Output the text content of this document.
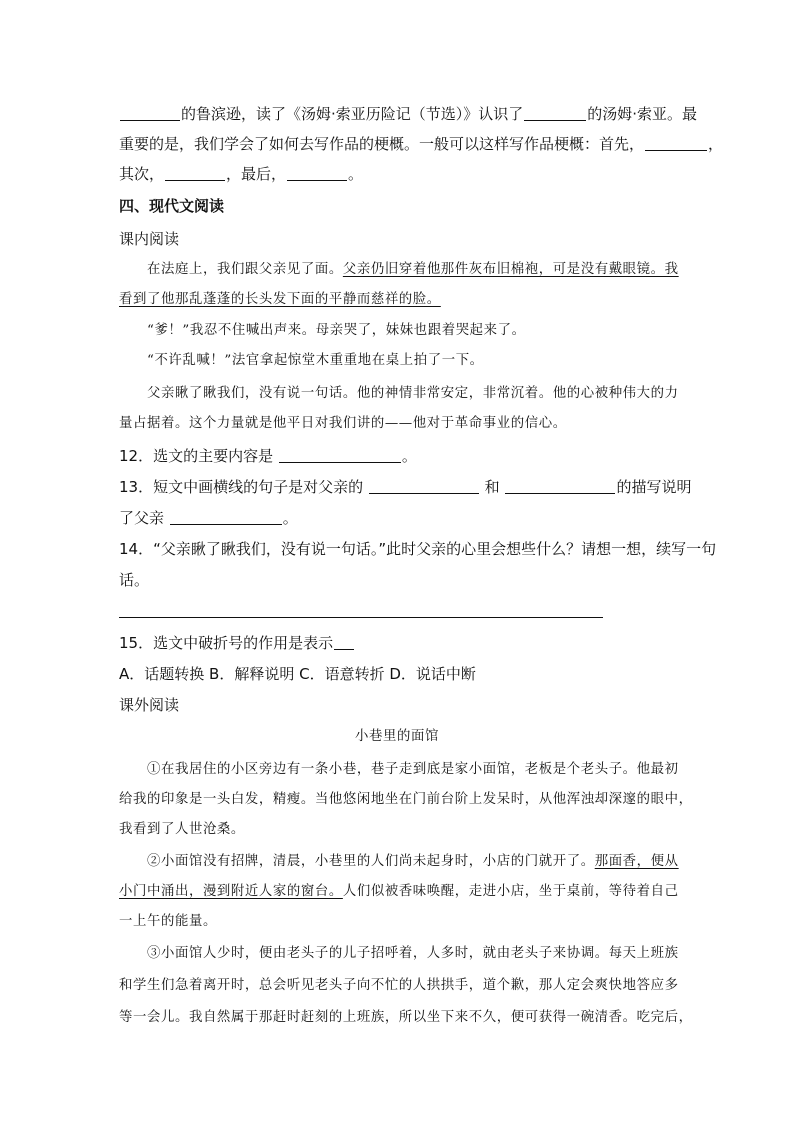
的鲁滨逊，读了《汤姆·索亚历险记（节选）》认识了	的汤姆·索亚。最
重要的是，我们学会了如何去写作品的梗概。一般可以这样写作品梗概：首先，	，
其次，	，最后，	。
四、现代文阅读
课内阅读
在法庭上，我们跟父亲见了面。父亲仍旧穿着他那件灰布旧棉袍，可是没有戴眼镜。我
看到了他那乱蓬蓬的长头发下面的平静而慈祥的脸。
“爹！”我忍不住喊出声来。母亲哭了，妹妹也跟着哭起来了。
“不许乱喊！”法官拿起惊堂木重重地在桌上拍了一下。
父亲瞅了瞅我们，没有说一句话。他的神情非常安定，非常沉着。他的心被种伟大的力
量占据着。这个力量就是他平日对我们讲的——他对于革命事业的信心。
12．选文的主要内容是	。
13．短文中画横线的句子是对父亲的	和	的描写说明
了父亲	。
14．“父亲瞅了瞅我们，没有说一句话。”此时父亲的心里会想些什么？请想一想，续写一句
话。
15．选文中破折号的作用是表示
A．话题转换 B．解释说明 C．语意转折 D．说话中断
课外阅读
小巷里的面馆
①在我居住的小区旁边有一条小巷，巷子走到底是家小面馆，老板是个老头子。他最初
给我的印象是一头白发，精瘦。当他悠闲地坐在门前台阶上发呆时，从他浑浊却深邃的眼中，
我看到了人世沧桑。
②小面馆没有招牌，清晨，小巷里的人们尚未起身时，小店的门就开了。那面香，便从
小门中涌出，漫到附近人家的窗台。人们似被香味唤醒，走进小店，坐于桌前，等待着自己
一上午的能量。
③小面馆人少时，便由老头子的儿子招呼着，人多时，就由老头子来协调。每天上班族
和学生们急着离开时，总会听见老头子向不忙的人拱拱手，道个歉，那人定会爽快地答应多
等一会儿。我自然属于那赶时赶刻的上班族，所以坐下来不久，便可获得一碗清香。吃完后，
